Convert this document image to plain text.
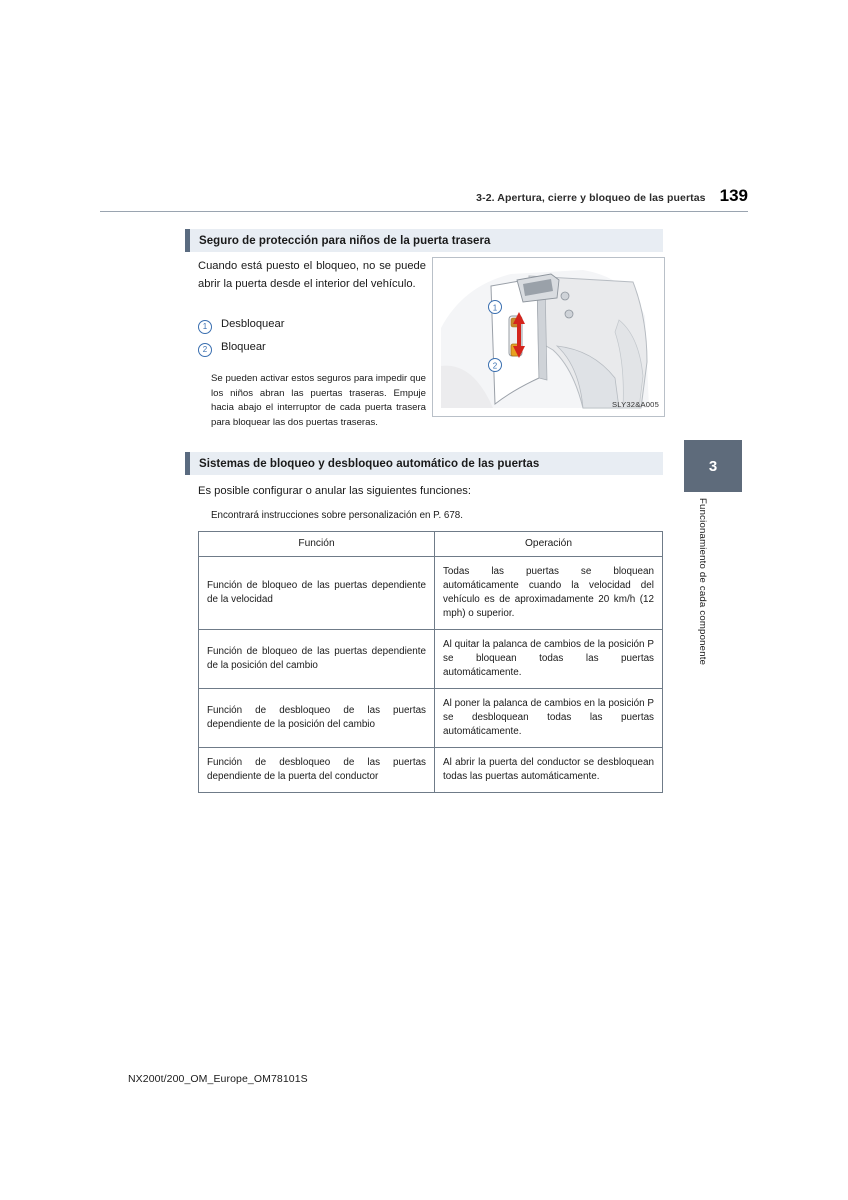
3-2. Apertura, cierre y bloqueo de las puertas 139
Seguro de protección para niños de la puerta trasera
Cuando está puesto el bloqueo, no se puede abrir la puerta desde el interior del vehículo.
1	Desbloquear
2	Bloquear
Se pueden activar estos seguros para impedir que los niños abran las puertas traseras. Empuje hacia abajo el interruptor de cada puerta trasera para bloquear las dos puertas traseras.
1
2
SLY32&A005
Sistemas de bloqueo y desbloqueo automático de las puertas
Es posible configurar o anular las siguientes funciones:
Encontrará instrucciones sobre personalización en P. 678.
Función	Operación
Función de bloqueo de las puertas dependiente de la velocidad	Todas las puertas se bloquean automáticamente cuando la velocidad del vehículo es de aproximadamente 20 km/h (12 mph) o superior.
Función de bloqueo de las puertas dependiente de la posición del cambio	Al quitar la palanca de cambios de la posición P se bloquean todas las puertas automáticamente.
Función de desbloqueo de las puertas dependiente de la posición del cambio	Al poner la palanca de cambios en la posición P se desbloquean todas las puertas automáticamente.
Función de desbloqueo de las puertas dependiente de la puerta del conductor	Al abrir la puerta del conductor se desbloquean todas las puertas automáticamente.
3
Funcionamiento de cada componente
NX200t/200_OM_Europe_OM78101S
